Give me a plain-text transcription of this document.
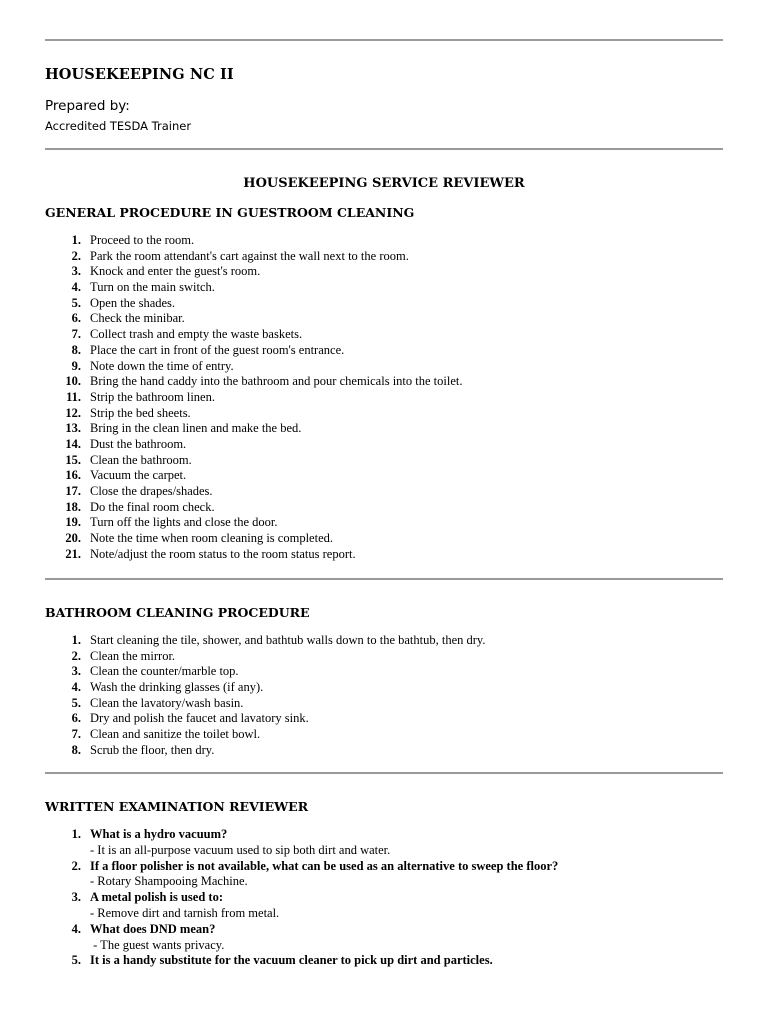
HOUSEKEEPING NC II
Prepared by:
Accredited TESDA Trainer
HOUSEKEEPING SERVICE REVIEWER
GENERAL PROCEDURE IN GUESTROOM CLEANING
1. Proceed to the room.
2. Park the room attendant's cart against the wall next to the room.
3. Knock and enter the guest's room.
4. Turn on the main switch.
5. Open the shades.
6. Check the minibar.
7. Collect trash and empty the waste baskets.
8. Place the cart in front of the guest room's entrance.
9. Note down the time of entry.
10. Bring the hand caddy into the bathroom and pour chemicals into the toilet.
11. Strip the bathroom linen.
12. Strip the bed sheets.
13. Bring in the clean linen and make the bed.
14. Dust the bathroom.
15. Clean the bathroom.
16. Vacuum the carpet.
17. Close the drapes/shades.
18. Do the final room check.
19. Turn off the lights and close the door.
20. Note the time when room cleaning is completed.
21. Note/adjust the room status to the room status report.
BATHROOM CLEANING PROCEDURE
1. Start cleaning the tile, shower, and bathtub walls down to the bathtub, then dry.
2. Clean the mirror.
3. Clean the counter/marble top.
4. Wash the drinking glasses (if any).
5. Clean the lavatory/wash basin.
6. Dry and polish the faucet and lavatory sink.
7. Clean and sanitize the toilet bowl.
8. Scrub the floor, then dry.
WRITTEN EXAMINATION REVIEWER
1. What is a hydro vacuum?
- It is an all-purpose vacuum used to sip both dirt and water.
2. If a floor polisher is not available, what can be used as an alternative to sweep the floor?
- Rotary Shampooing Machine.
3. A metal polish is used to:
- Remove dirt and tarnish from metal.
4. What does DND mean?
- The guest wants privacy.
5. It is a handy substitute for the vacuum cleaner to pick up dirt and particles.
